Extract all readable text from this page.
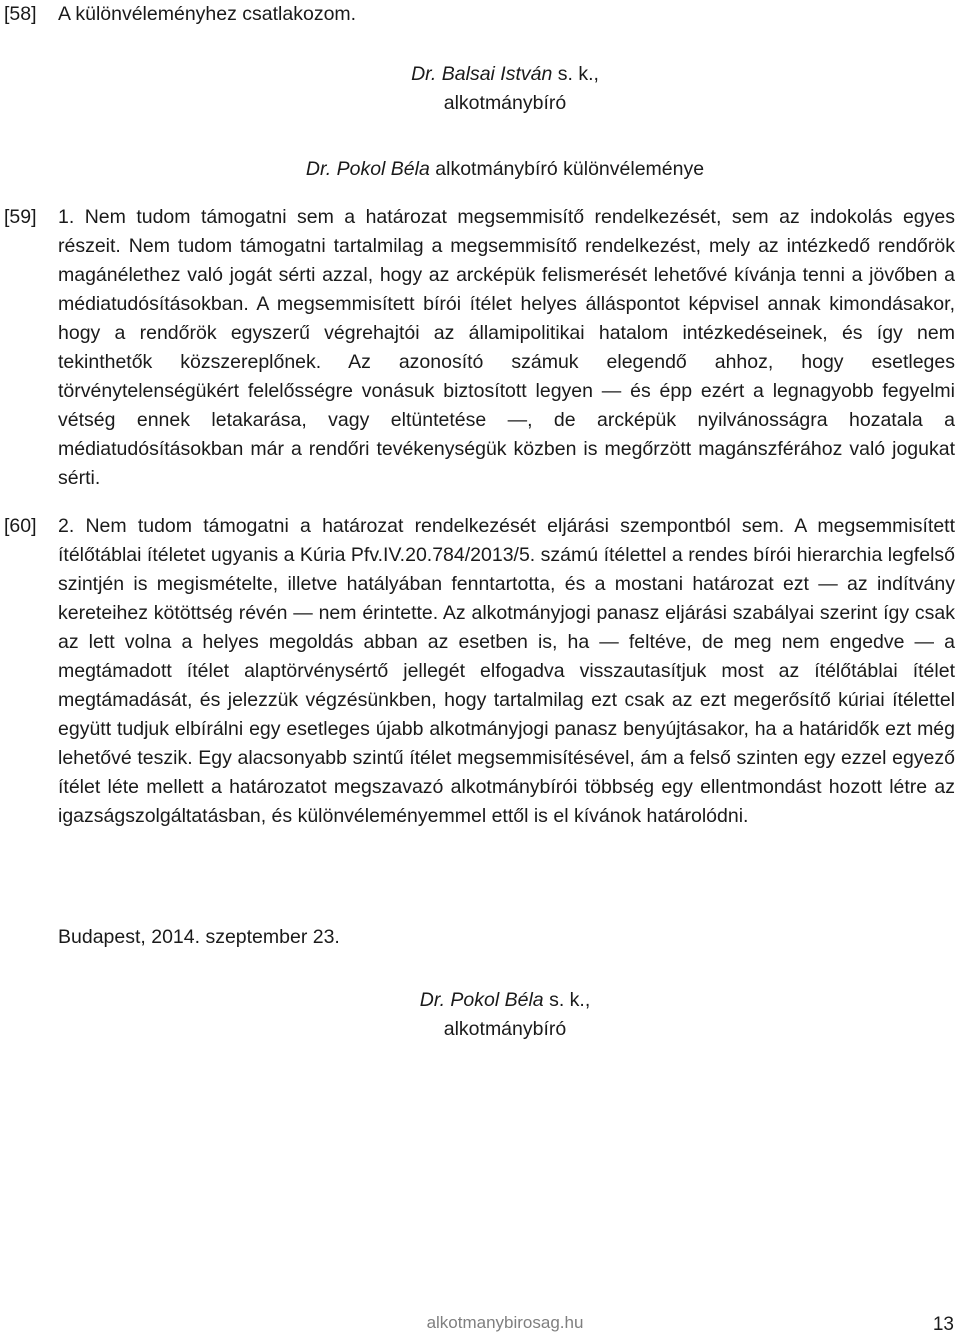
[58] A különvéleményhez csatlakozom.
Dr. Balsai István s. k.,
alkotmánybíró
Dr. Pokol Béla alkotmánybíró különvéleménye
[59] 1. Nem tudom támogatni sem a határozat megsemmisítő rendelkezését, sem az indokolás egyes részeit. Nem tudom támogatni tartalmilag a megsemmisítő rendelkezést, mely az intézkedő rendőrök magánélethez való jogát sérti azzal, hogy az arcképük felismerését lehetővé kívánja tenni a jövőben a médiatudósításokban. A megsemmisített bírói ítélet helyes álláspontot képvisel annak kimondásakor, hogy a rendőrök egyszerű végrehajtói az államipolitikai hatalom intézkedéseinek, és így nem tekinthetők közszereplőnek. Az azonosító számuk elegendő ahhoz, hogy esetleges törvénytelenségükért felelősségre vonásuk biztosított legyen — és épp ezért a legnagyobb fegyelmi vétség ennek letakarása, vagy eltüntetése —, de arcképük nyilvánosságra hozatala a médiatudósításokban már a rendőri tevékenységük közben is megőrzött magánszférához való jogukat sérti.
[60] 2. Nem tudom támogatni a határozat rendelkezését eljárási szempontból sem. A megsemmisített ítélőtáblai ítéletet ugyanis a Kúria Pfv.IV.20.784/2013/5. számú ítélettel a rendes bírói hierarchia legfelső szintjén is megismételte, illetve hatályában fenntartotta, és a mostani határozat ezt — az indítvány kereteihez kötöttség révén — nem érintette. Az alkotmányjogi panasz eljárási szabályai szerint így csak az lett volna a helyes megoldás abban az esetben is, ha — feltéve, de meg nem engedve — a megtámadott ítélet alaptörvénysértő jellegét elfogadva visszautasítjuk most az ítélőtáblai ítélet megtámadását, és jelezzük végzésünkben, hogy tartalmilag ezt csak az ezt megerősítő kúriai ítélettel együtt tudjuk elbírálni egy esetleges újabb alkotmányjogi panasz benyújtásakor, ha a határidők ezt még lehetővé teszik. Egy alacsonyabb szintű ítélet megsemmisítésével, ám a felső szinten egy ezzel egyező ítélet léte mellett a határozatot megszavazó alkotmánybírói többség egy ellentmondást hozott létre az igazságszolgáltatásban, és különvéleményemmel ettől is el kívánok határolódni.
Budapest, 2014. szeptember 23.
Dr. Pokol Béla s. k.,
alkotmánybíró
alkotmanybirosag.hu	13
